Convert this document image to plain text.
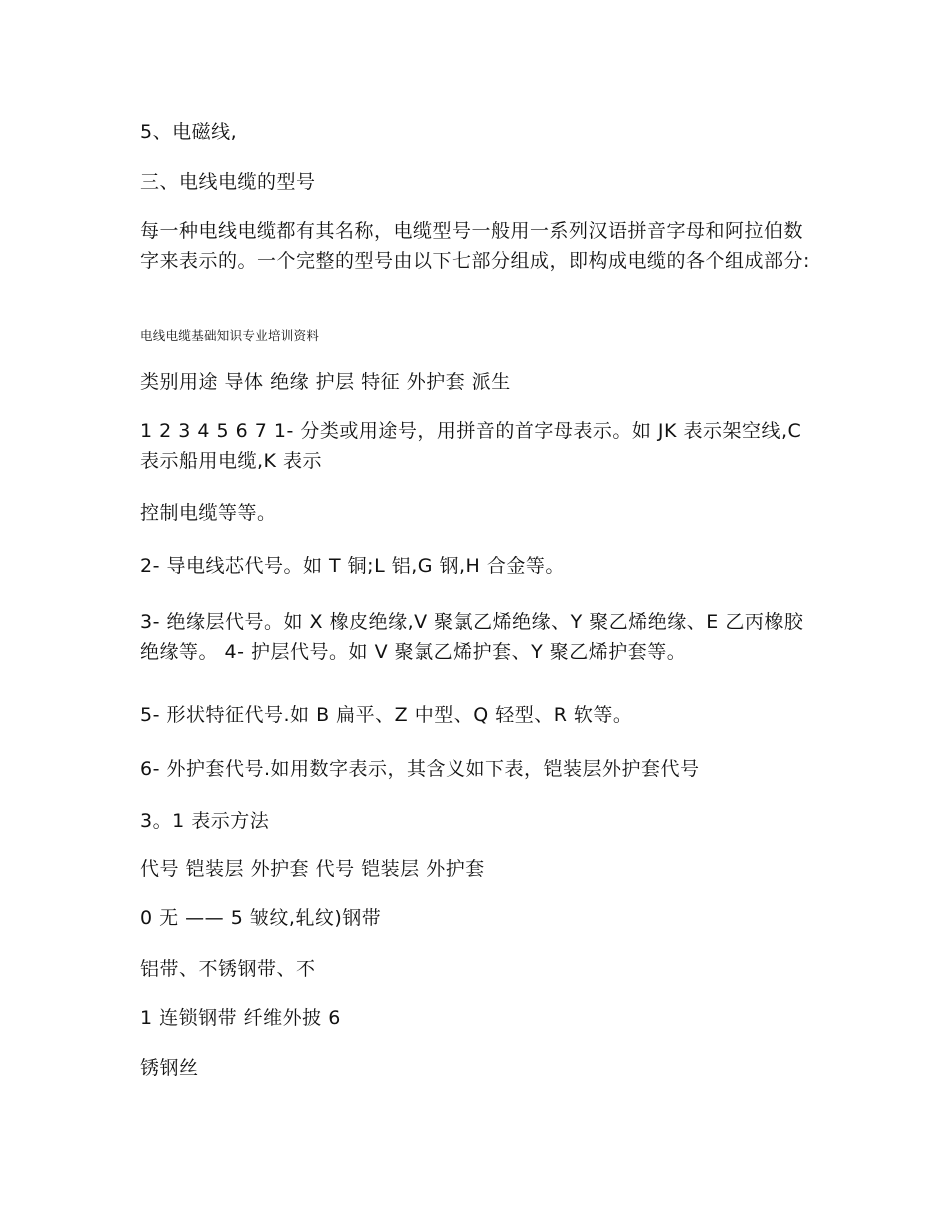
5、电磁线,
三、电线电缆的型号
每一种电线电缆都有其名称，电缆型号一般用一系列汉语拼音字母和阿拉伯数字来表示的。一个完整的型号由以下七部分组成，即构成电缆的各个组成部分:
电线电缆基础知识专业培训资料
类别用途 导体 绝缘 护层 特征 外护套 派生
1 2 3 4 5 6 7 1- 分类或用途号，用拼音的首字母表示。如 JK 表示架空线,C 表示船用电缆,K 表示
控制电缆等等。
2- 导电线芯代号。如 T 铜;L 铝,G 钢,H 合金等。
3- 绝缘层代号。如 X 橡皮绝缘,V 聚氯乙烯绝缘、Y 聚乙烯绝缘、E 乙丙橡胶绝缘等。 4- 护层代号。如 V 聚氯乙烯护套、Y 聚乙烯护套等。
5- 形状特征代号.如 B 扁平、Z 中型、Q 轻型、R 软等。
6- 外护套代号.如用数字表示，其含义如下表，铠装层外护套代号
3。1 表示方法
代号 铠装层 外护套 代号 铠装层 外护套
0 无 —— 5 皱纹,轧纹)钢带
铝带、不锈钢带、不
1 连锁钢带 纤维外披 6
锈钢丝
